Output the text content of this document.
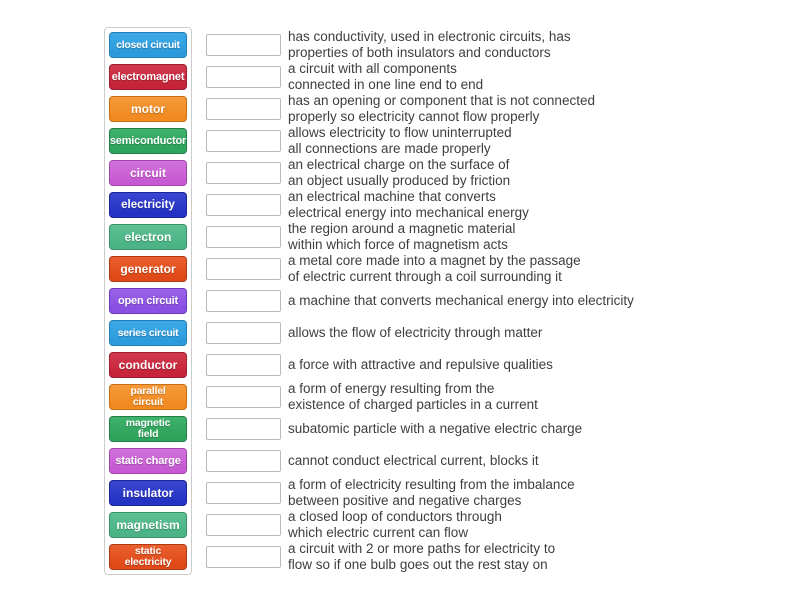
closed circuit
electromagnet
motor
semiconductor
circuit
electricity
electron
generator
open circuit
series circuit
conductor
parallel
circuit
magnetic
field
static charge
insulator
magnetism
static
electricity
has conductivity, used in electronic circuits, has
properties of both insulators and conductors
a circuit with all components
connected in one line end to end
has an opening or component that is not connected
properly so electricity cannot flow properly
allows electricity to flow uninterrupted
all connections are made properly
an electrical charge on the surface of
an object usually produced by friction
an electrical machine that converts
electrical energy into mechanical energy
the region around a magnetic material
within which force of magnetism acts
a metal core made into a magnet by the passage
of electric current through a coil surrounding it
a machine that converts mechanical energy into electricity
allows the flow of electricity through matter
a force with attractive and repulsive qualities
a form of energy resulting from the
existence of charged particles in a current
subatomic particle with a negative electric charge
cannot conduct electrical current, blocks it
a form of electricity resulting from the imbalance
between positive and negative charges
a closed loop of conductors through
which electric current can flow
a circuit with 2 or more paths for electricity to
flow so if one bulb goes out the rest stay on
